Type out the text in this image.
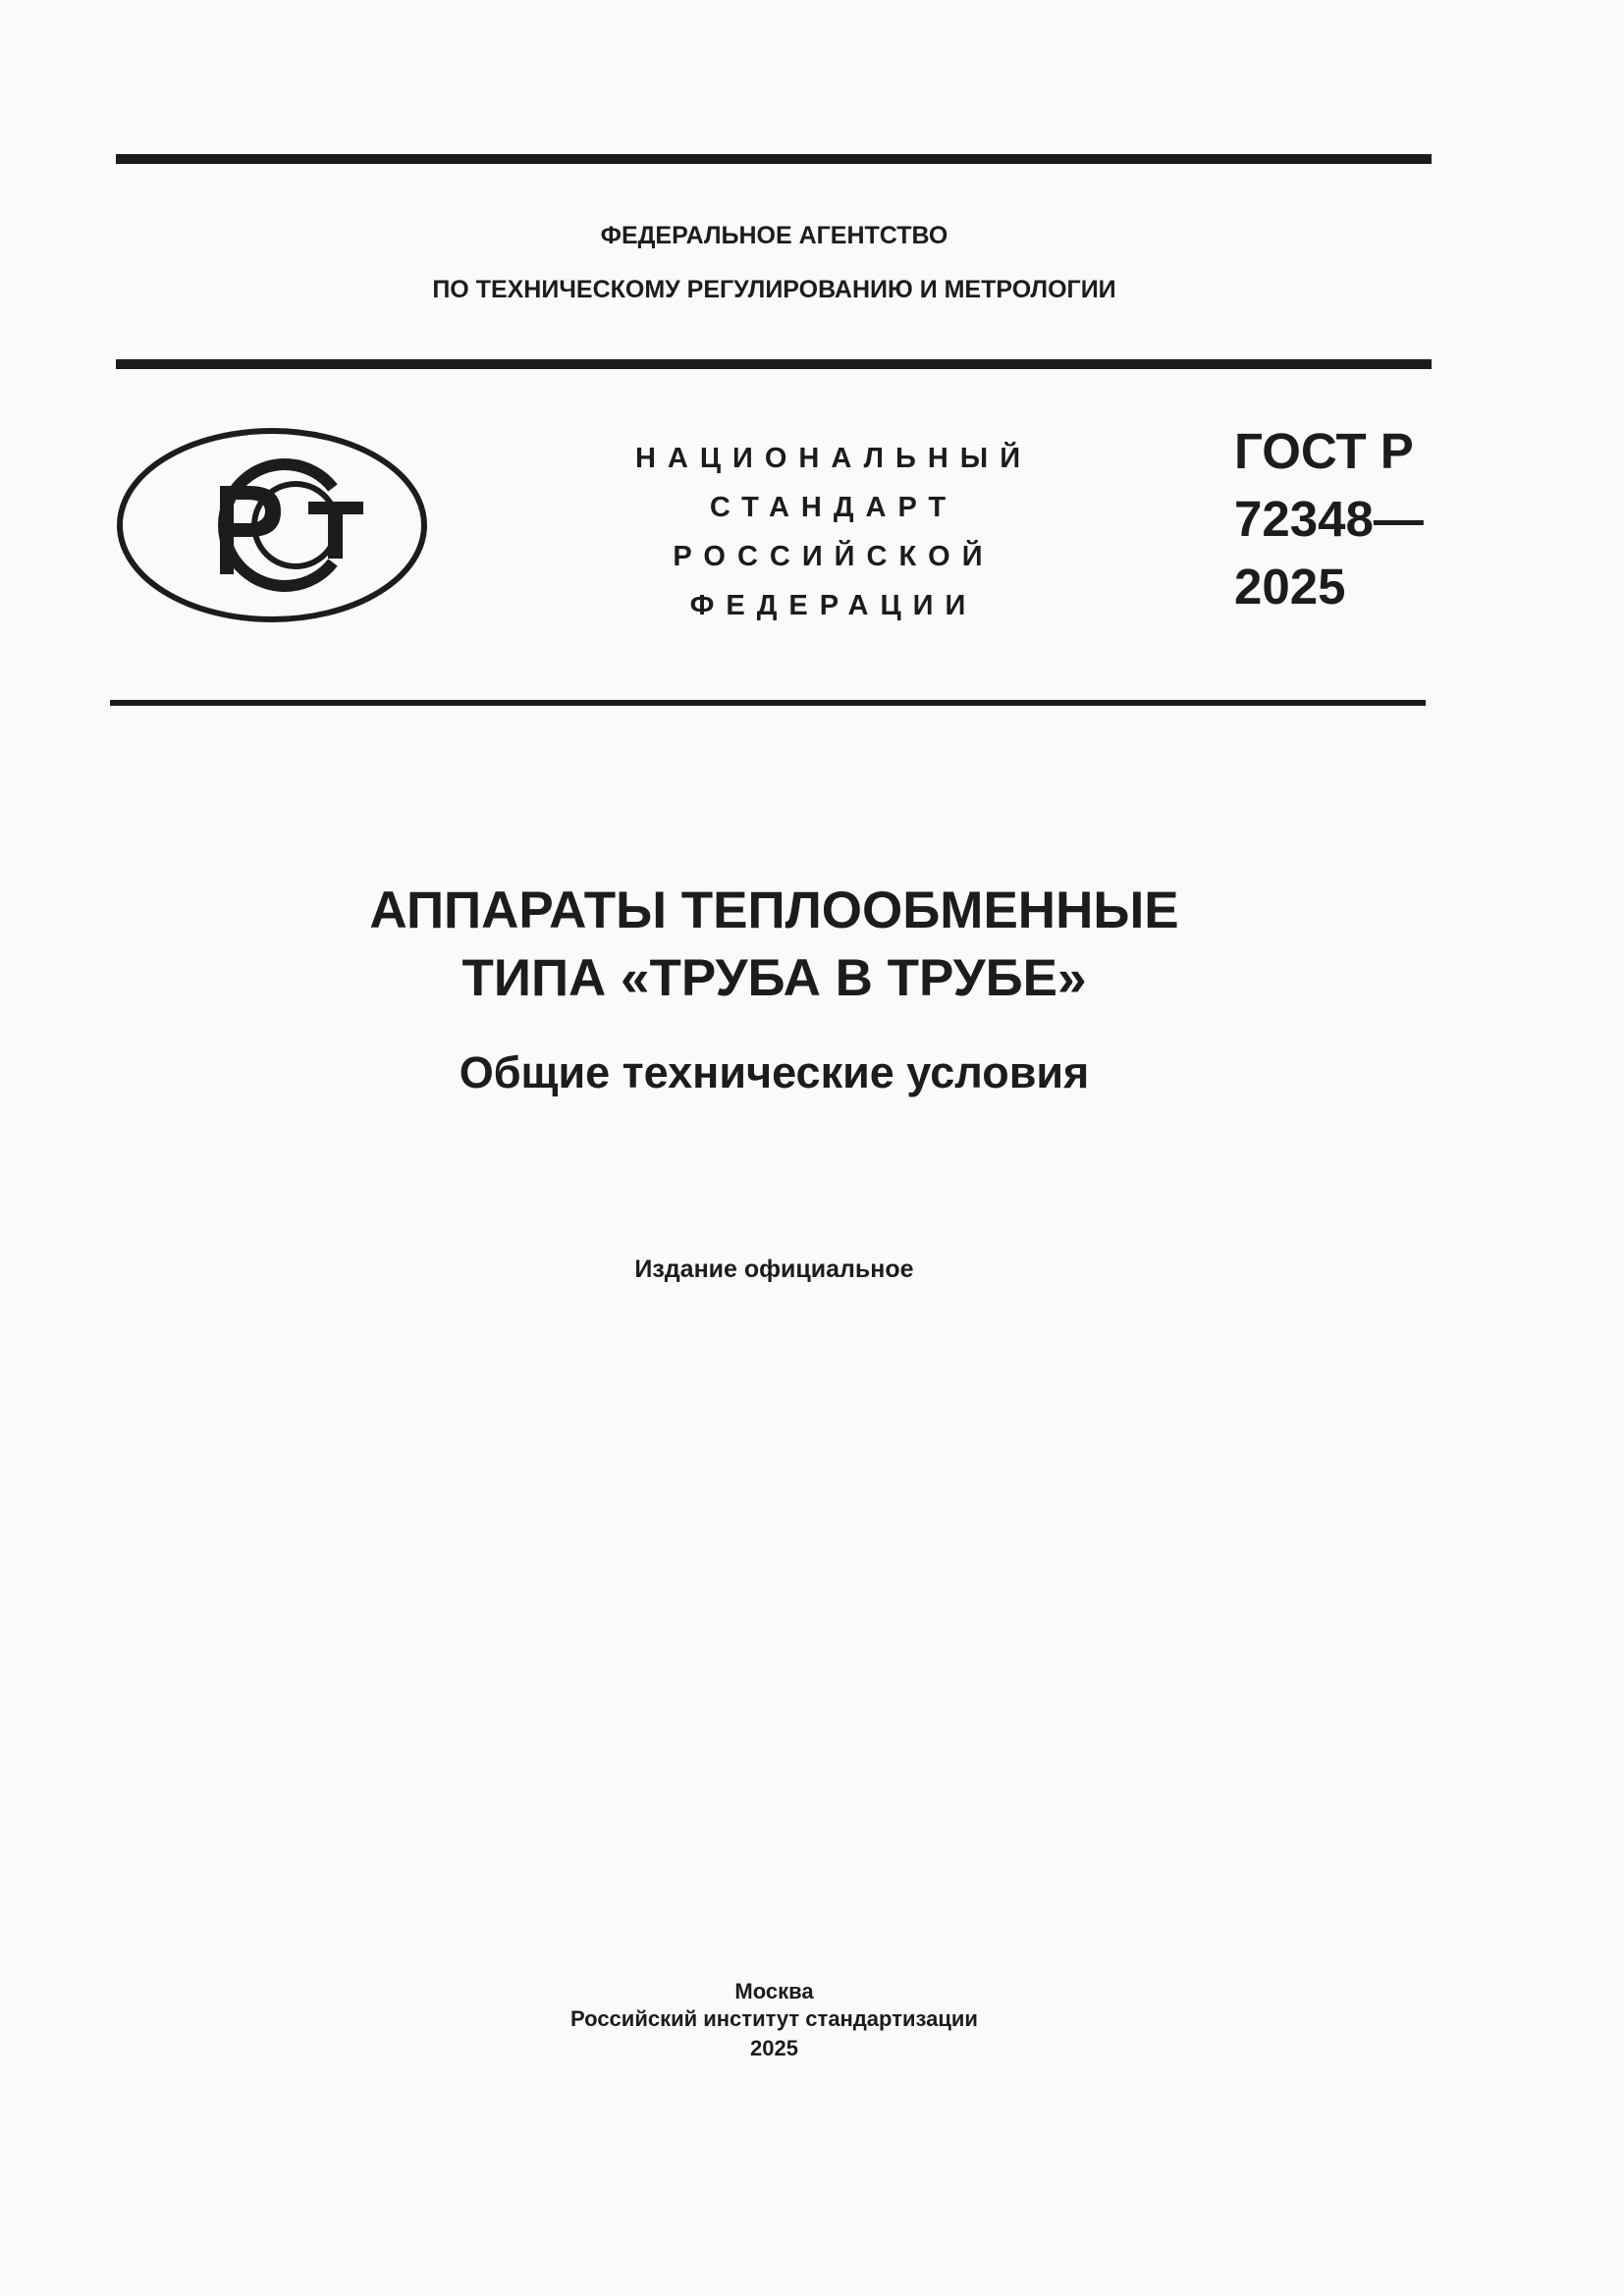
ФЕДЕРАЛЬНОЕ АГЕНТСТВО
ПО ТЕХНИЧЕСКОМУ РЕГУЛИРОВАНИЮ И МЕТРОЛОГИИ
НАЦИОНАЛЬНЫЙ
СТАНДАРТ
РОССИЙСКОЙ
ФЕДЕРАЦИИ
ГОСТ Р
72348—
2025
АППАРАТЫ ТЕПЛООБМЕННЫЕ
ТИПА «ТРУБА В ТРУБЕ»
Общие технические условия
Издание официальное
Москва
Российский институт стандартизации
2025
